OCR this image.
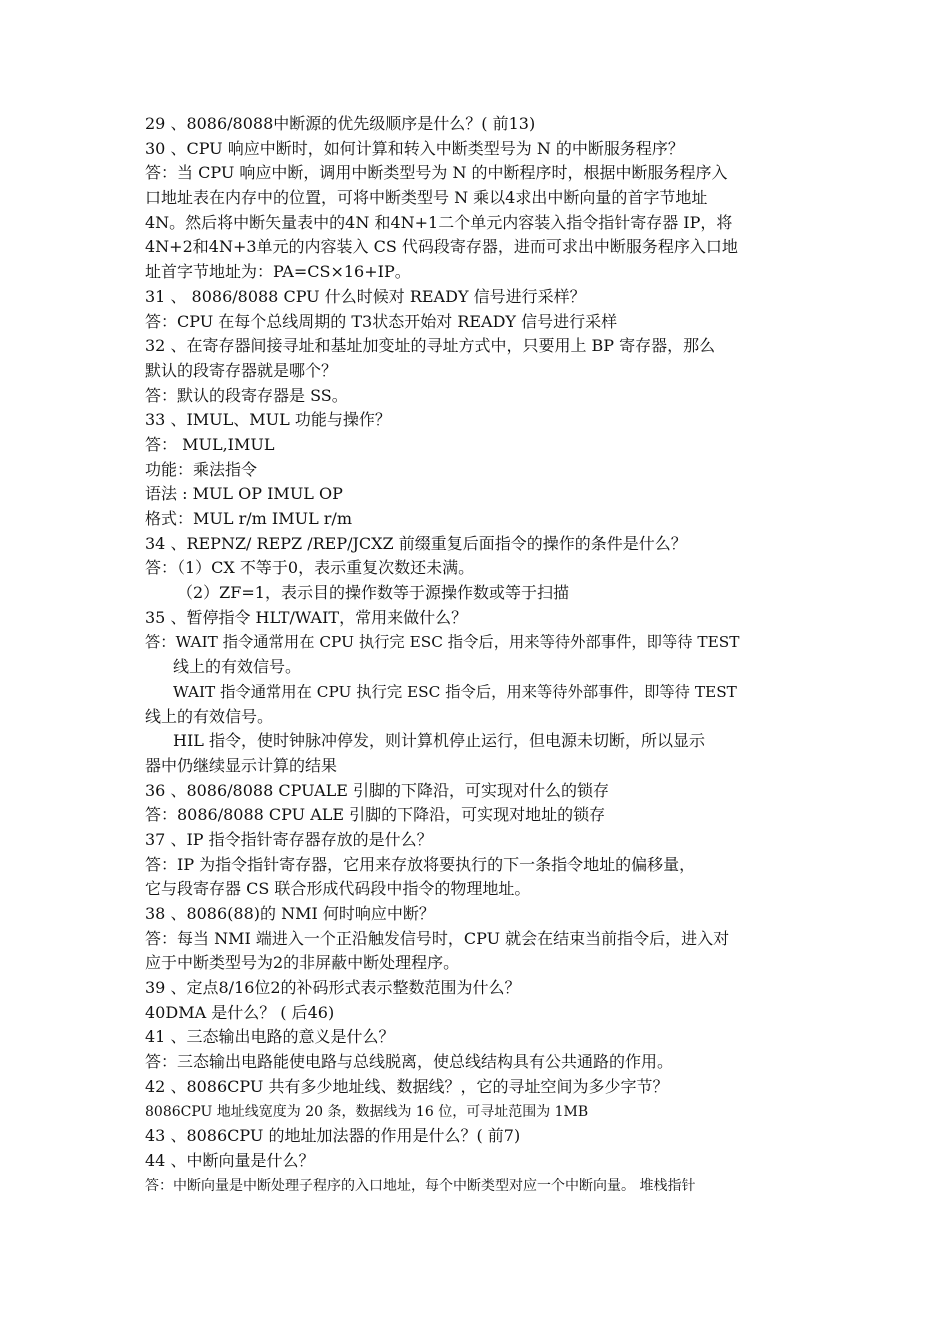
29 、8086/8088中断源的优先级顺序是什么？( 前13)
30 、CPU 响应中断时，如何计算和转入中断类型号为 N 的中断服务程序？
答：当 CPU 响应中断，调用中断类型号为 N 的中断程序时，根据中断服务程序入
口地址表在内存中的位置，可将中断类型号 N 乘以4求出中断向量的首字节地址
4N。然后将中断矢量表中的4N 和4N+1二个单元内容装入指令指针寄存器 IP，将
4N+2和4N+3单元的内容装入 CS 代码段寄存器，进而可求出中断服务程序入口地
址首字节地址为：PA=CS×16+IP。
31 、 8086/8088 CPU 什么时候对 READY 信号进行采样？
答：CPU 在每个总线周期的 T3状态开始对 READY 信号进行采样
32 、在寄存器间接寻址和基址加变址的寻址方式中，只要用上 BP 寄存器，那么
默认的段寄存器就是哪个？
答：默认的段寄存器是 SS。
33 、IMUL、MUL 功能与操作？
答： MUL,IMUL
功能：乘法指令
语法 : MUL OP IMUL OP
格式：MUL r/m IMUL r/m
34 、REPNZ/ REPZ /REP/JCXZ 前缀重复后面指令的操作的条件是什么？
答：（1）CX 不等于0，表示重复次数还未满。
（2）ZF=1，表示目的操作数等于源操作数或等于扫描
35 、暂停指令 HLT/WAIT，常用来做什么？
答：WAIT 指令通常用在 CPU 执行完 ESC 指令后，用来等待外部事件，即等待 TEST
线上的有效信号。
WAIT 指令通常用在 CPU 执行完 ESC 指令后，用来等待外部事件，即等待 TEST
线上的有效信号。
HIL 指令，使时钟脉冲停发，则计算机停止运行，但电源未切断，所以显示
器中仍继续显示计算的结果
36 、8086/8088 CPUALE 引脚的下降沿，可实现对什么的锁存
答：8086/8088 CPU ALE 引脚的下降沿，可实现对地址的锁存
37 、IP 指令指针寄存器存放的是什么？
答：IP 为指令指针寄存器，它用来存放将要执行的下一条指令地址的偏移量，
它与段寄存器 CS 联合形成代码段中指令的物理地址。
38 、8086(88)的 NMI 何时响应中断？
答：每当 NMI 端进入一个正沿触发信号时，CPU 就会在结束当前指令后，进入对
应于中断类型号为2的非屏蔽中断处理程序。
39 、定点8/16位2的补码形式表示整数范围为什么？
40DMA 是什么？ ( 后46)
41 、三态输出电路的意义是什么？
答：三态输出电路能使电路与总线脱离，使总线结构具有公共通路的作用。
42 、8086CPU 共有多少地址线、数据线？，它的寻址空间为多少字节？
8086CPU 地址线宽度为 20 条，数据线为 16 位，可寻址范围为 1MB
43 、8086CPU 的地址加法器的作用是什么？( 前7)
44 、中断向量是什么？
答：中断向量是中断处理子程序的入口地址，每个中断类型对应一个中断向量。 堆栈指针
